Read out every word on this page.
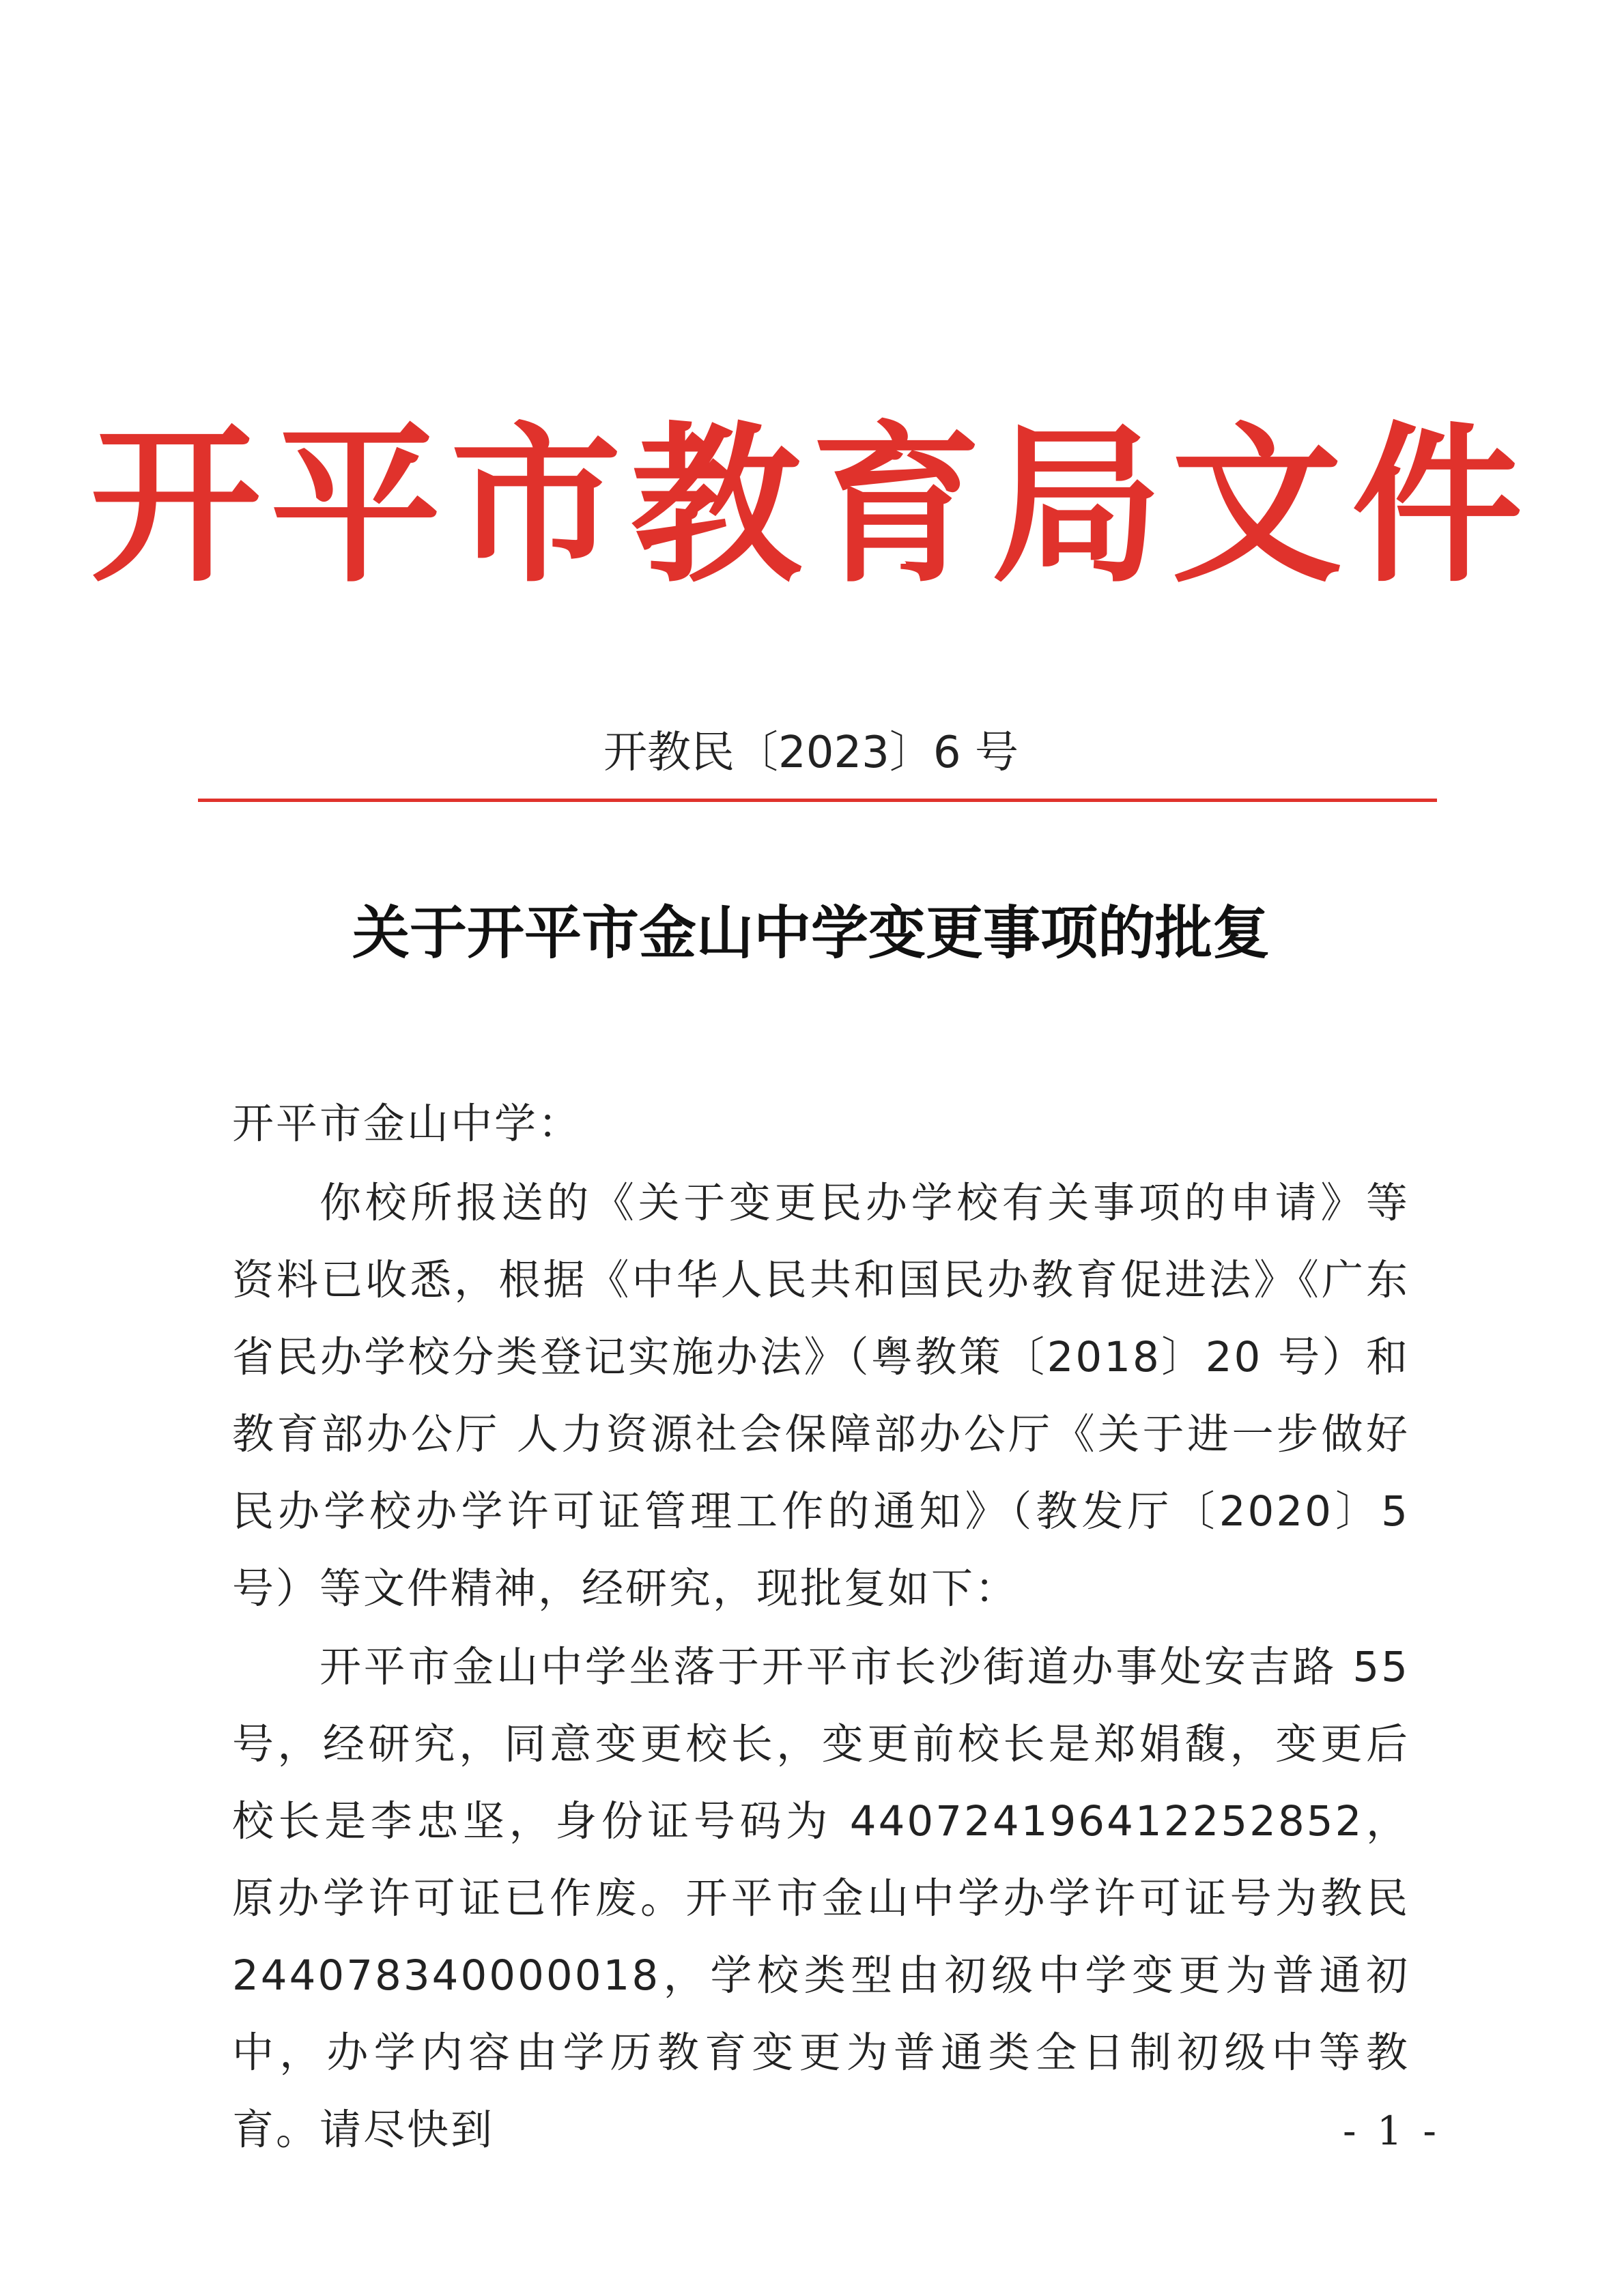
开平市教育局文件
开教民〔2023〕6 号
关于开平市金山中学变更事项的批复
开平市金山中学：

你校所报送的《关于变更民办学校有关事项的申请》等资料已收悉，根据《中华人民共和国民办教育促进法》《广东省民办学校分类登记实施办法》（粤教策〔2018〕20 号）和教育部办公厅 人力资源社会保障部办公厅《关于进一步做好民办学校办学许可证管理工作的通知》（教发厅〔2020〕5 号）等文件精神，经研究，现批复如下：

开平市金山中学坐落于开平市长沙街道办事处安吉路 55 号，经研究，同意变更校长，变更前校长是郑娟馥，变更后校长是李忠坚，身份证号码为 440724196412252852，原办学许可证已作废。开平市金山中学办学许可证号为教民244078340000018，学校类型由初级中学变更为普通初中，办学内容由学历教育变更为普通类全日制初级中等教育。请尽快到	- 1 -
